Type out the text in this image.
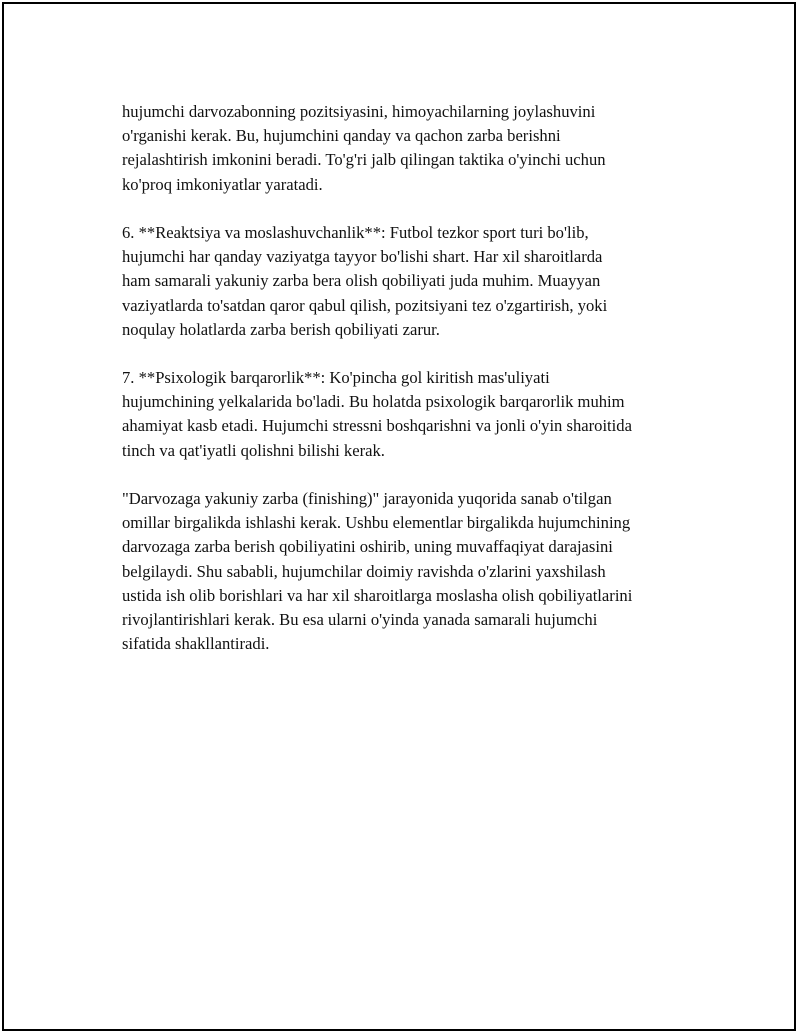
hujumchi darvozabonning pozitsiyasini, himoyachilarning joylashuvini
o'rganishi kerak. Bu, hujumchini qanday va qachon zarba berishni
rejalashtirish imkonini beradi. To'g'ri jalb qilingan taktika o'yinchi uchun
ko'proq imkoniyatlar yaratadi.
6. **Reaktsiya va moslashuvchanlik**: Futbol tezkor sport turi bo'lib,
hujumchi har qanday vaziyatga tayyor bo'lishi shart. Har xil sharoitlarda
ham samarali yakuniy zarba bera olish qobiliyati juda muhim. Muayyan
vaziyatlarda to'satdan qaror qabul qilish, pozitsiyani tez o'zgartirish, yoki
noqulay holatlarda zarba berish qobiliyati zarur.
7. **Psixologik barqarorlik**: Ko'pincha gol kiritish mas'uliyati
hujumchining yelkalarida bo'ladi. Bu holatda psixologik barqarorlik muhim
ahamiyat kasb etadi. Hujumchi stressni boshqarishni va jonli o'yin sharoitida
tinch va qat'iyatli qolishni bilishi kerak.
"Darvozaga yakuniy zarba (finishing)" jarayonida yuqorida sanab o'tilgan
omillar birgalikda ishlashi kerak. Ushbu elementlar birgalikda hujumchining
darvozaga zarba berish qobiliyatini oshirib, uning muvaffaqiyat darajasini
belgilaydi. Shu sababli, hujumchilar doimiy ravishda o'zlarini yaxshilash
ustida ish olib borishlari va har xil sharoitlarga moslasha olish qobiliyatlarini
rivojlantirishlari kerak. Bu esa ularni o'yinda yanada samarali hujumchi
sifatida shakllantiradi.
